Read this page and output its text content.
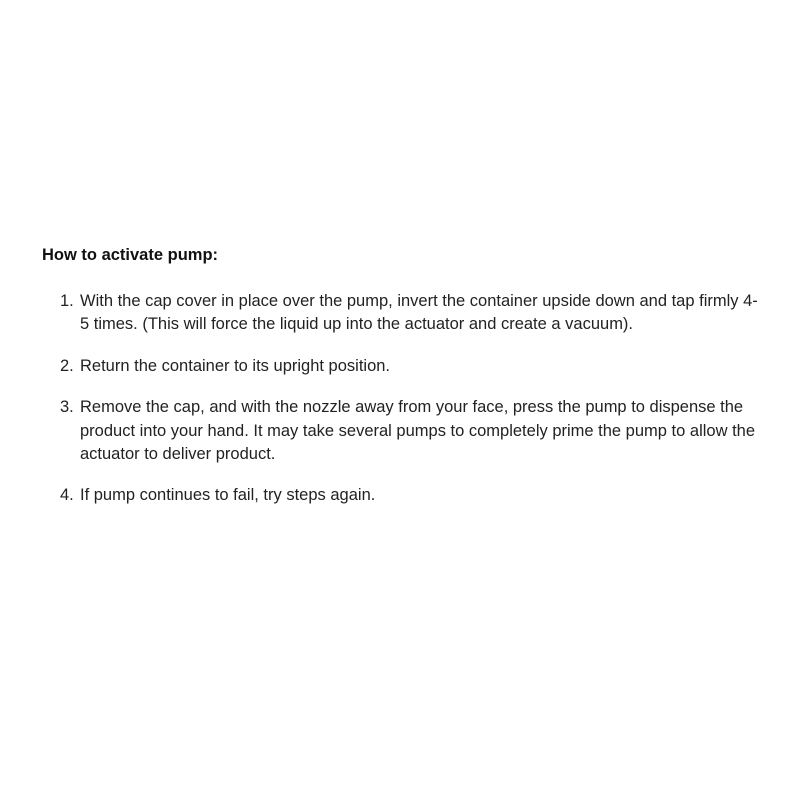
How to activate pump:
1. With the cap cover in place over the pump, invert the container upside down and tap firmly 4-5 times. (This will force the liquid up into the actuator and create a vacuum).
2. Return the container to its upright position.
3. Remove the cap, and with the nozzle away from your face, press the pump to dispense the product into your hand. It may take several pumps to completely prime the pump to allow the actuator to deliver product.
4. If pump continues to fail, try steps again.
